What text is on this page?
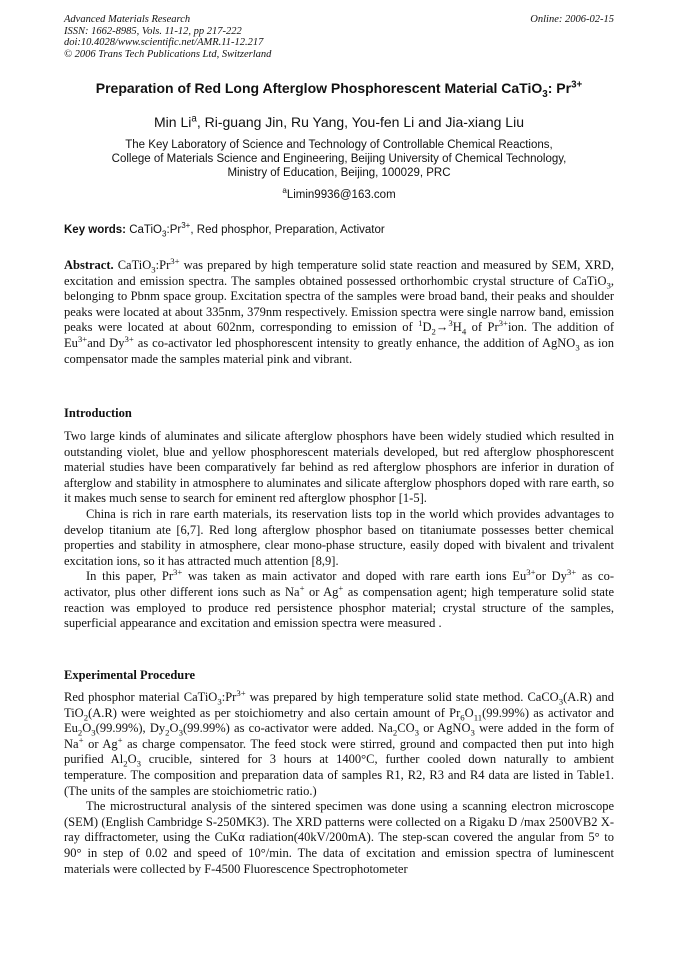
Advanced Materials Research
ISSN: 1662-8985, Vols. 11-12, pp 217-222
doi:10.4028/www.scientific.net/AMR.11-12.217
© 2006 Trans Tech Publications Ltd, Switzerland
Online: 2006-02-15
Preparation of Red Long Afterglow Phosphorescent Material CaTiO$_3$: $Pr^{3+}$
Min Li$^a$, Ri-guang Jin, Ru Yang, You-fen Li and Jia-xiang Liu
The Key Laboratory of Science and Technology of Controllable Chemical Reactions,
College of Materials Science and Engineering, Beijing University of Chemical Technology,
Ministry of Education, Beijing, 100029, PRC
$^a$Limin9936@163.com
Key words: $CaTiO_3:Pr^{3+}$, Red phosphor, Preparation, Activator
Abstract. $CaTiO_3:Pr^{3+}$ was prepared by high temperature solid state reaction and measured by SEM, XRD, excitation and emission spectra. The samples obtained possessed orthorhombic crystal structure of CaTiO$_3$, belonging to Pbnm space group. Excitation spectra of the samples were broad band, their peaks and shoulder peaks were located at about 335nm, 379nm respectively. Emission spectra were single narrow band, emission peaks were located at about 602nm, corresponding to emission of $^1D_2\to^3H_4$ of $Pr^{3+}ion$. The addition of $Eu^{3+}and$ $Dy^{3+}$ as co-activator led phosphorescent intensity to greatly enhance, the addition of AgNO$_3$ as ion compensator made the samples material pink and vibrant.
Introduction

Two large kinds of aluminates and silicate afterglow phosphors have been widely studied which resulted in outstanding violet, blue and yellow phosphorescent materials developed, but red afterglow phosphorescent material studies have been comparatively far behind as red afterglow phosphors are inferior in duration of afterglow and stability in atmosphere to aluminates and silicate afterglow phosphors doped with rare earth, so it makes much sense to search for eminent red afterglow phosphor [1-5].

China is rich in rare earth materials, its reservation lists top in the world which provides advantages to develop titanium ate [6,7]. Red long afterglow phosphor based on titaniumate possesses better chemical properties and stability in atmosphere, clear mono-phase structure, easily doped with bivalent and trivalent excitation ions, so it has attracted much attention [8,9].

In this paper, $Pr^{3+}$ was taken as main activator and doped with rare earth ions $Eu^{3+}or$ $Dy^{3+}$ as co-activator, plus other different ions such as Na+ or Ag+ as compensation agent; high temperature solid state reaction was employed to produce red persistence phosphor material; crystal structure of the samples, superficial appearance and excitation and emission spectra were measured .

Experimental Procedure

Red phosphor material $CaTiO_3:Pr^{3+}$ was prepared by high temperature solid state method. CaCO$_3$(A.R) and TiO$_2$(A.R) were weighted as per stoichiometry and also certain amount of $Pr_6O_{11}(99.99\%)$ as activator and $Eu_2O_3(99.99\%)$, $Dy_2O_3(99.99\%)$ as co-activator were added. $Na_2CO_3$ or AgNO$_3$ were added in the form of Na+ or Ag+ as charge compensator. The feed stock were stirred, ground and compacted then put into high purified $Al_2O_3$ crucible, sintered for 3 hours at 1400°C, further cooled down naturally to ambient temperature. The composition and preparation data of samples R1, R2, R3 and R4 data are listed in Table1. (The units of the samples are stoichiometric ratio.)

The microstructural analysis of the sintered specimen was done using a scanning electron microscope (SEM) (English Cambridge S-250MK3). The XRD patterns were collected on a Rigaku D /max 2500VB2 X-ray diffractometer, using the CuKα radiation(40kV/200mA). The step-scan covered the angular from 5° to 90° in step of 0.02 and speed of 10°/min. The data of excitation and emission spectra of luminescent materials were collected by F-4500 Fluorescence Spectrophotometer
